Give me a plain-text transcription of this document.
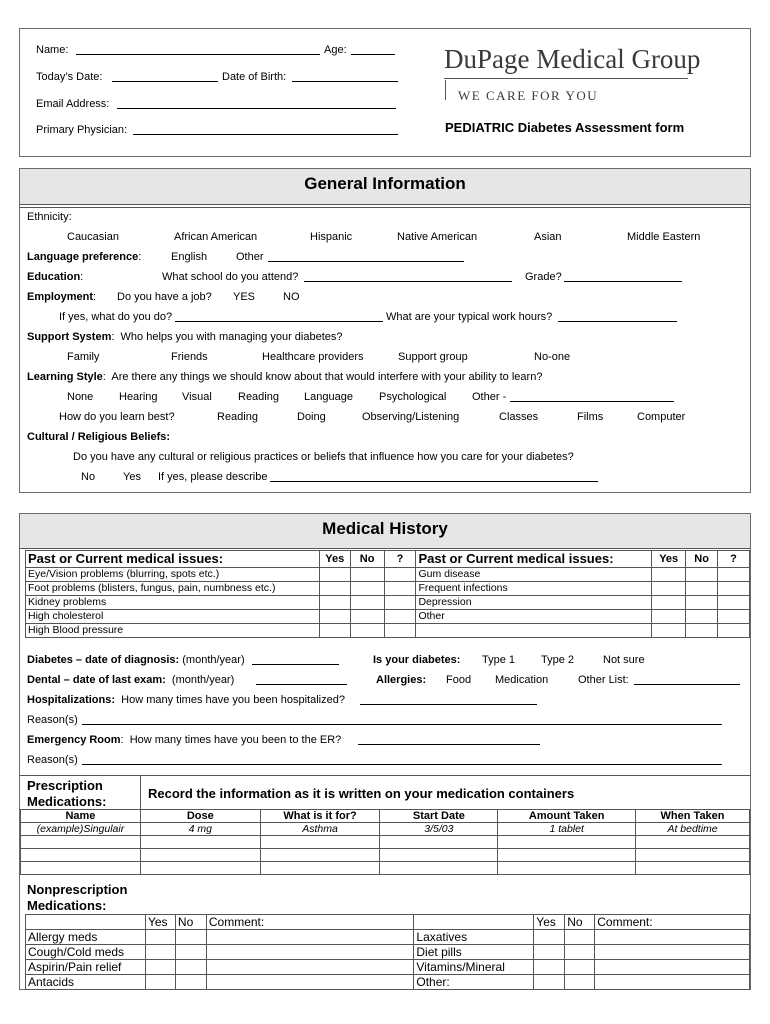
Name:	Age:
Today’s Date:	Date of Birth:
Email Address:
Primary Physician:
DuPage Medical Group
WE CARE FOR YOU
PEDIATRIC Diabetes Assessment form
General Information
Ethnicity:
Caucasian	African American	Hispanic	Native American	Asian	Middle Eastern
Language preference:	English	Other
Education:	What school do you attend?	Grade?
Employment: Do you have a job? YES	NO
If yes, what do you do?	What are your typical work hours?
Support System:  Who helps you with managing your diabetes?
Family	Friends	Healthcare providers	Support group	No-one
Learning Style:  Are there any things we should know about that would interfere with your ability to learn?
None Hearing Visual Reading Language Psychological Other -
How do you learn best?	Reading	Doing	Observing/Listening	Classes	Films	Computer
Cultural / Religious Beliefs:
Do you have any cultural or religious practices or beliefs that influence how you care for your diabetes?
No	Yes If yes, please describe
Medical History
Past or Current medical issues:	Yes	No	?	Past or Current medical issues:	Yes	No	?
Eye/Vision problems (blurring, spots etc.)				Gum disease			
Foot problems (blisters, fungus, pain, numbness etc.)				Frequent infections			
Kidney problems				Depression			
High cholesterol				Other			
High Blood pressure							
Diabetes – date of diagnosis: (month/year)	Is your diabetes: Type 1 Type 2	Not sure
Dental – date of last exam: (month/year)	Allergies: Food Medication	Other List:
Hospitalizations: How many times have you been hospitalized?
Reason(s)
Emergency Room:  How many times have you been to the ER?
Reason(s)
Prescription
Medications:
Record the information as it is written on your medication containers
Name	Dose	What is it for?	Start Date	Amount Taken	When Taken
(example)Singulair	4 mg	Asthma	3/5/03	1 tablet	At bedtime

Nonprescription
Medications:
	Yes	No	Comment:		Yes	No	Comment:
Allergy meds				Laxatives			
Cough/Cold meds				Diet pills			
Aspirin/Pain relief				Vitamins/Mineral			
Antacids				Other:			
